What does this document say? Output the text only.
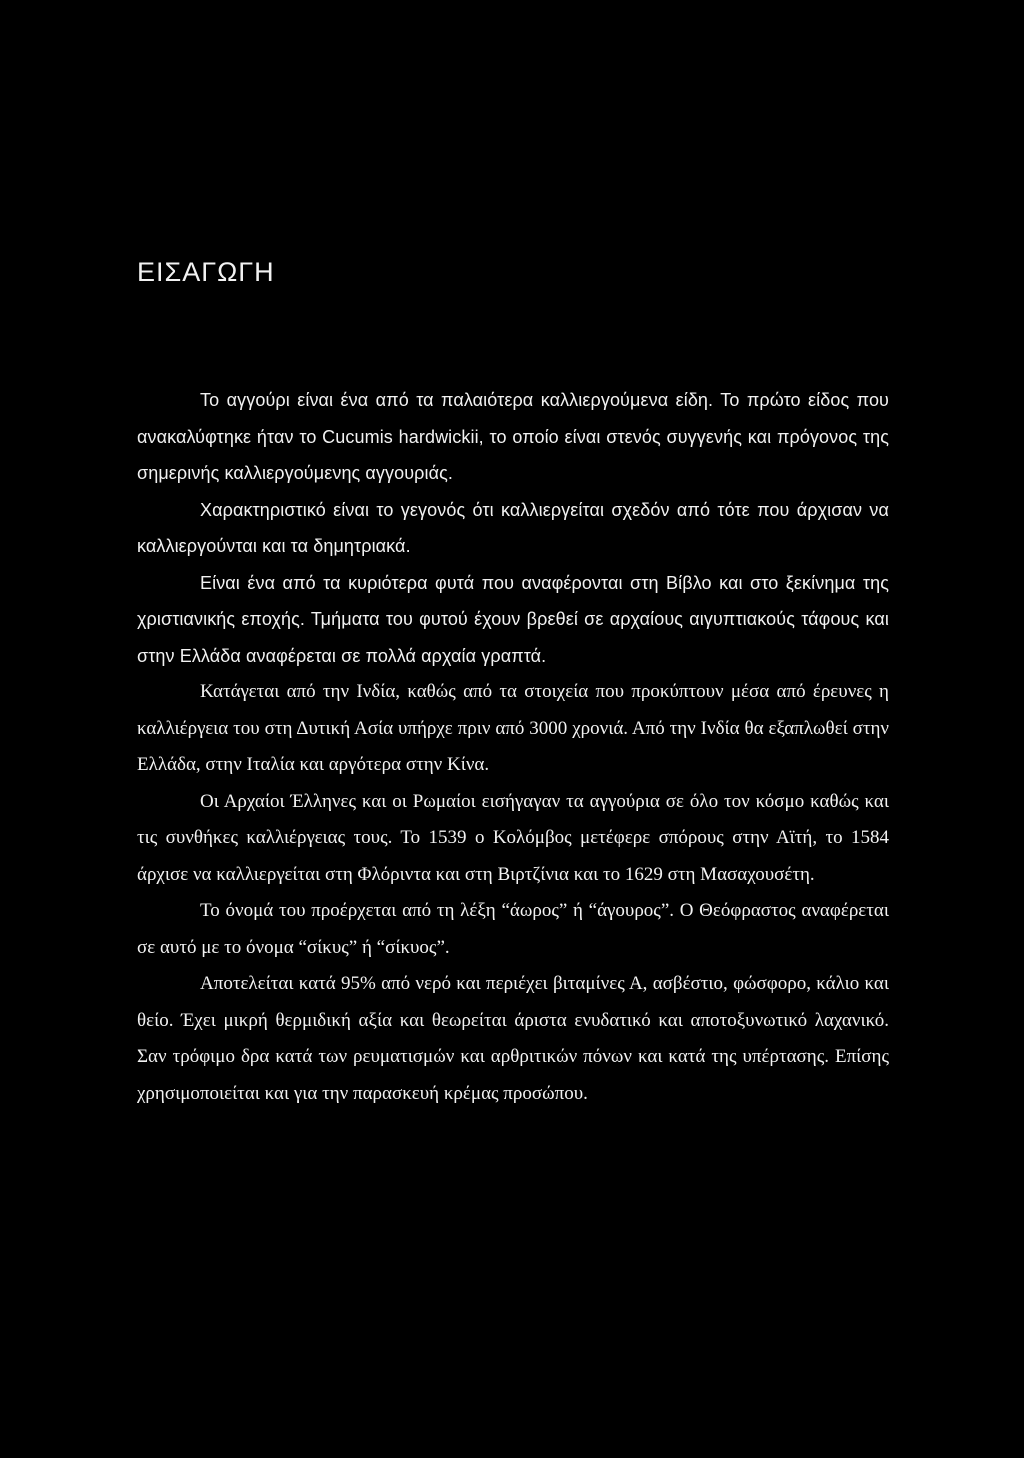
ΕΙΣΑΓΩΓΗ

Το αγγούρι είναι ένα από τα παλαιότερα καλλιεργούμενα είδη. Το πρώτο είδος που ανακαλύφτηκε ήταν το Cucumis hardwickii, το οποίο είναι στενός συγγενής και πρόγονος της σημερινής καλλιεργούμενης αγγουριάς.

Χαρακτηριστικό είναι το γεγονός ότι καλλιεργείται σχεδόν από τότε που άρχισαν να καλλιεργούνται και τα δημητριακά.

Είναι ένα από τα κυριότερα φυτά που αναφέρονται στη Βίβλο και στο ξεκίνημα της χριστιανικής εποχής. Τμήματα του φυτού έχουν βρεθεί σε αρχαίους αιγυπτιακούς τάφους και στην Ελλάδα αναφέρεται σε πολλά αρχαία γραπτά.

Κατάγεται από την Ινδία, καθώς από τα στοιχεία που προκύπτουν μέσα από έρευνες η καλλιέργεια του στη Δυτική Ασία υπήρχε πριν από 3000 χρονιά. Από την Ινδία θα εξαπλωθεί στην Ελλάδα, στην Ιταλία και αργότερα στην Κίνα.

Οι Αρχαίοι Έλληνες και οι Ρωμαίοι εισήγαγαν τα αγγούρια σε όλο τον κόσμο καθώς και τις συνθήκες καλλιέργειας τους. Το 1539 ο Κολόμβος μετέφερε σπόρους στην Αϊτή, το 1584 άρχισε να καλλιεργείται στη Φλόριντα και στη Βιρτζίνια και το 1629 στη Μασαχουσέτη.

Το όνομά του προέρχεται από τη λέξη “άωρος” ή “άγουρος”. Ο Θεόφραστος αναφέρεται σε αυτό με το όνομα “σίκυς” ή “σίκυος”.

Αποτελείται κατά 95% από νερό και περιέχει βιταμίνες Α, ασβέστιο, φώσφορο, κάλιο και θείο. Έχει μικρή θερμιδική αξία και θεωρείται άριστα ενυδατικό και αποτοξυνωτικό λαχανικό. Σαν τρόφιμο δρα κατά των ρευματισμών και αρθριτικών πόνων και κατά της υπέρτασης. Επίσης χρησιμοποιείται και για την παρασκευή κρέμας προσώπου.
